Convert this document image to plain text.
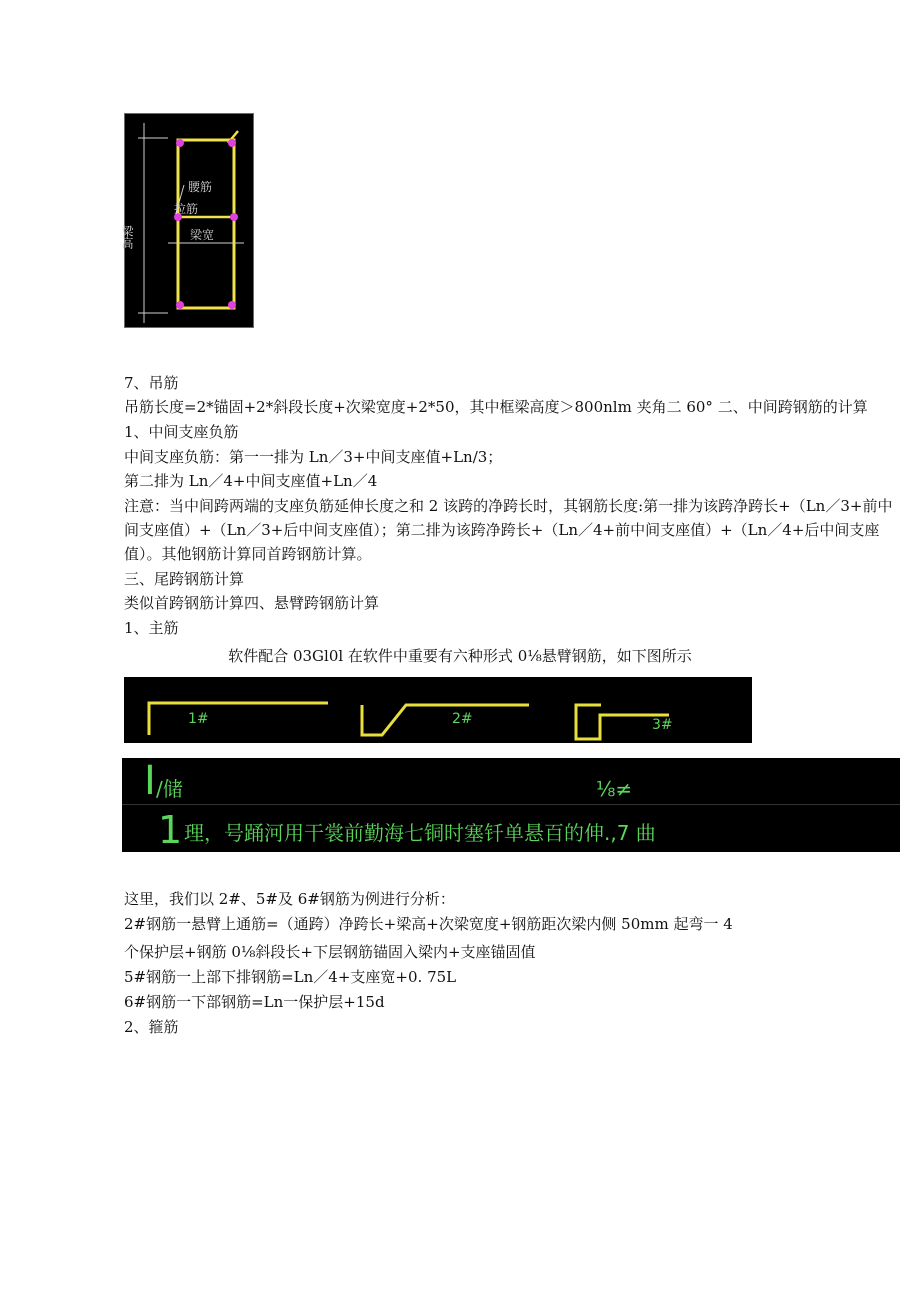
腰筋
拉筋
梁宽
梁高
7、吊筋
吊筋长度=2*锚固+2*斜段长度+次梁宽度+2*50，其中框梁高度＞800nlm 夹角二 60° 二、中间跨钢筋的计算
1、中间支座负筋
中间支座负筋：第一一排为 Ln／3+中间支座值+Ln/3；
第二排为 Ln／4+中间支座值+Ln／4
注意：当中间跨两端的支座负筋延伸长度之和 2 该跨的净跨长时，其钢筋长度:第一排为该跨净跨长+（Ln／3+前中间支座值）+（Ln／3+后中间支座值）；第二排为该跨净跨长+（Ln／4+前中间支座值）+（Ln／4+后中间支座值）。其他钢筋计算同首跨钢筋计算。
三、尾跨钢筋计算
类似首跨钢筋计算四、悬臂跨钢筋计算
1、主筋
软件配合 03Gl0l 在软件中重要有六种形式 0⅛悬臂钢筋，如下图所示
1#	2#	3#
I /储	⅛≠
1 理，号踊河用干裳前勤海七铜时塞钎单悬百的伸.,7 曲
这里，我们以 2#、5#及 6#钢筋为例进行分析：
2#钢筋一悬臂上通筋=（通跨）净跨长+梁高+次梁宽度+钢筋距次梁内侧 50mm 起弯一 4
个保护层+钢筋 0⅛斜段长+下层钢筋锚固入梁内+支座锚固值
5#钢筋一上部下排钢筋=Ln／4+支座宽+0. 75L
6#钢筋一下部钢筋=Ln一保护层+15d
2、箍筋
